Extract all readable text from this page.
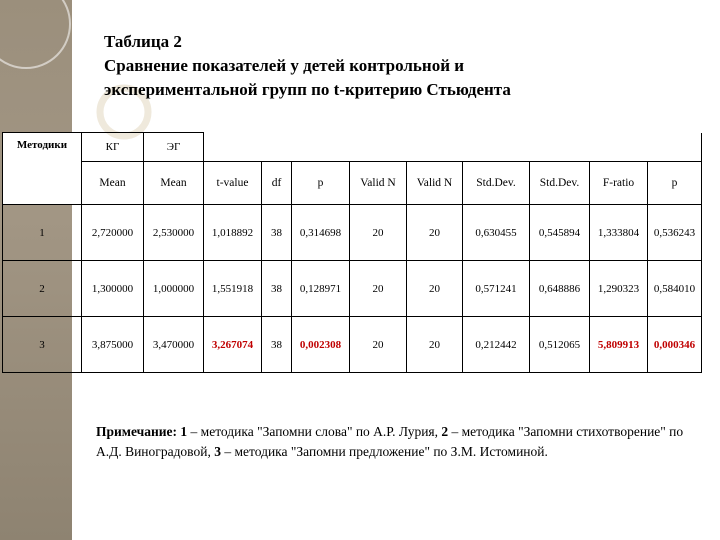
Таблица 2
Сравнение показателей у детей контрольной и
экспериментальной групп по t-критерию Стьюдента
Методики	КГ	ЭГ									
	Mean	Mean	t-value	df	p	Valid N	Valid N	Std.Dev.	Std.Dev.	F-ratio	p
1	2,720000	2,530000	1,018892	38	0,314698	20	20	0,630455	0,545894	1,333804	0,536243
2	1,300000	1,000000	1,551918	38	0,128971	20	20	0,571241	0,648886	1,290323	0,584010
3	3,875000	3,470000	3,267074	38	0,002308	20	20	0,212442	0,512065	5,809913	0,000346
Примечание: 1 – методика "Запомни слова" по А.Р. Лурия, 2 – методика "Запомни стихотворение" по А.Д. Виноградовой, 3 – методика "Запомни предложение" по З.М. Истоминой.
